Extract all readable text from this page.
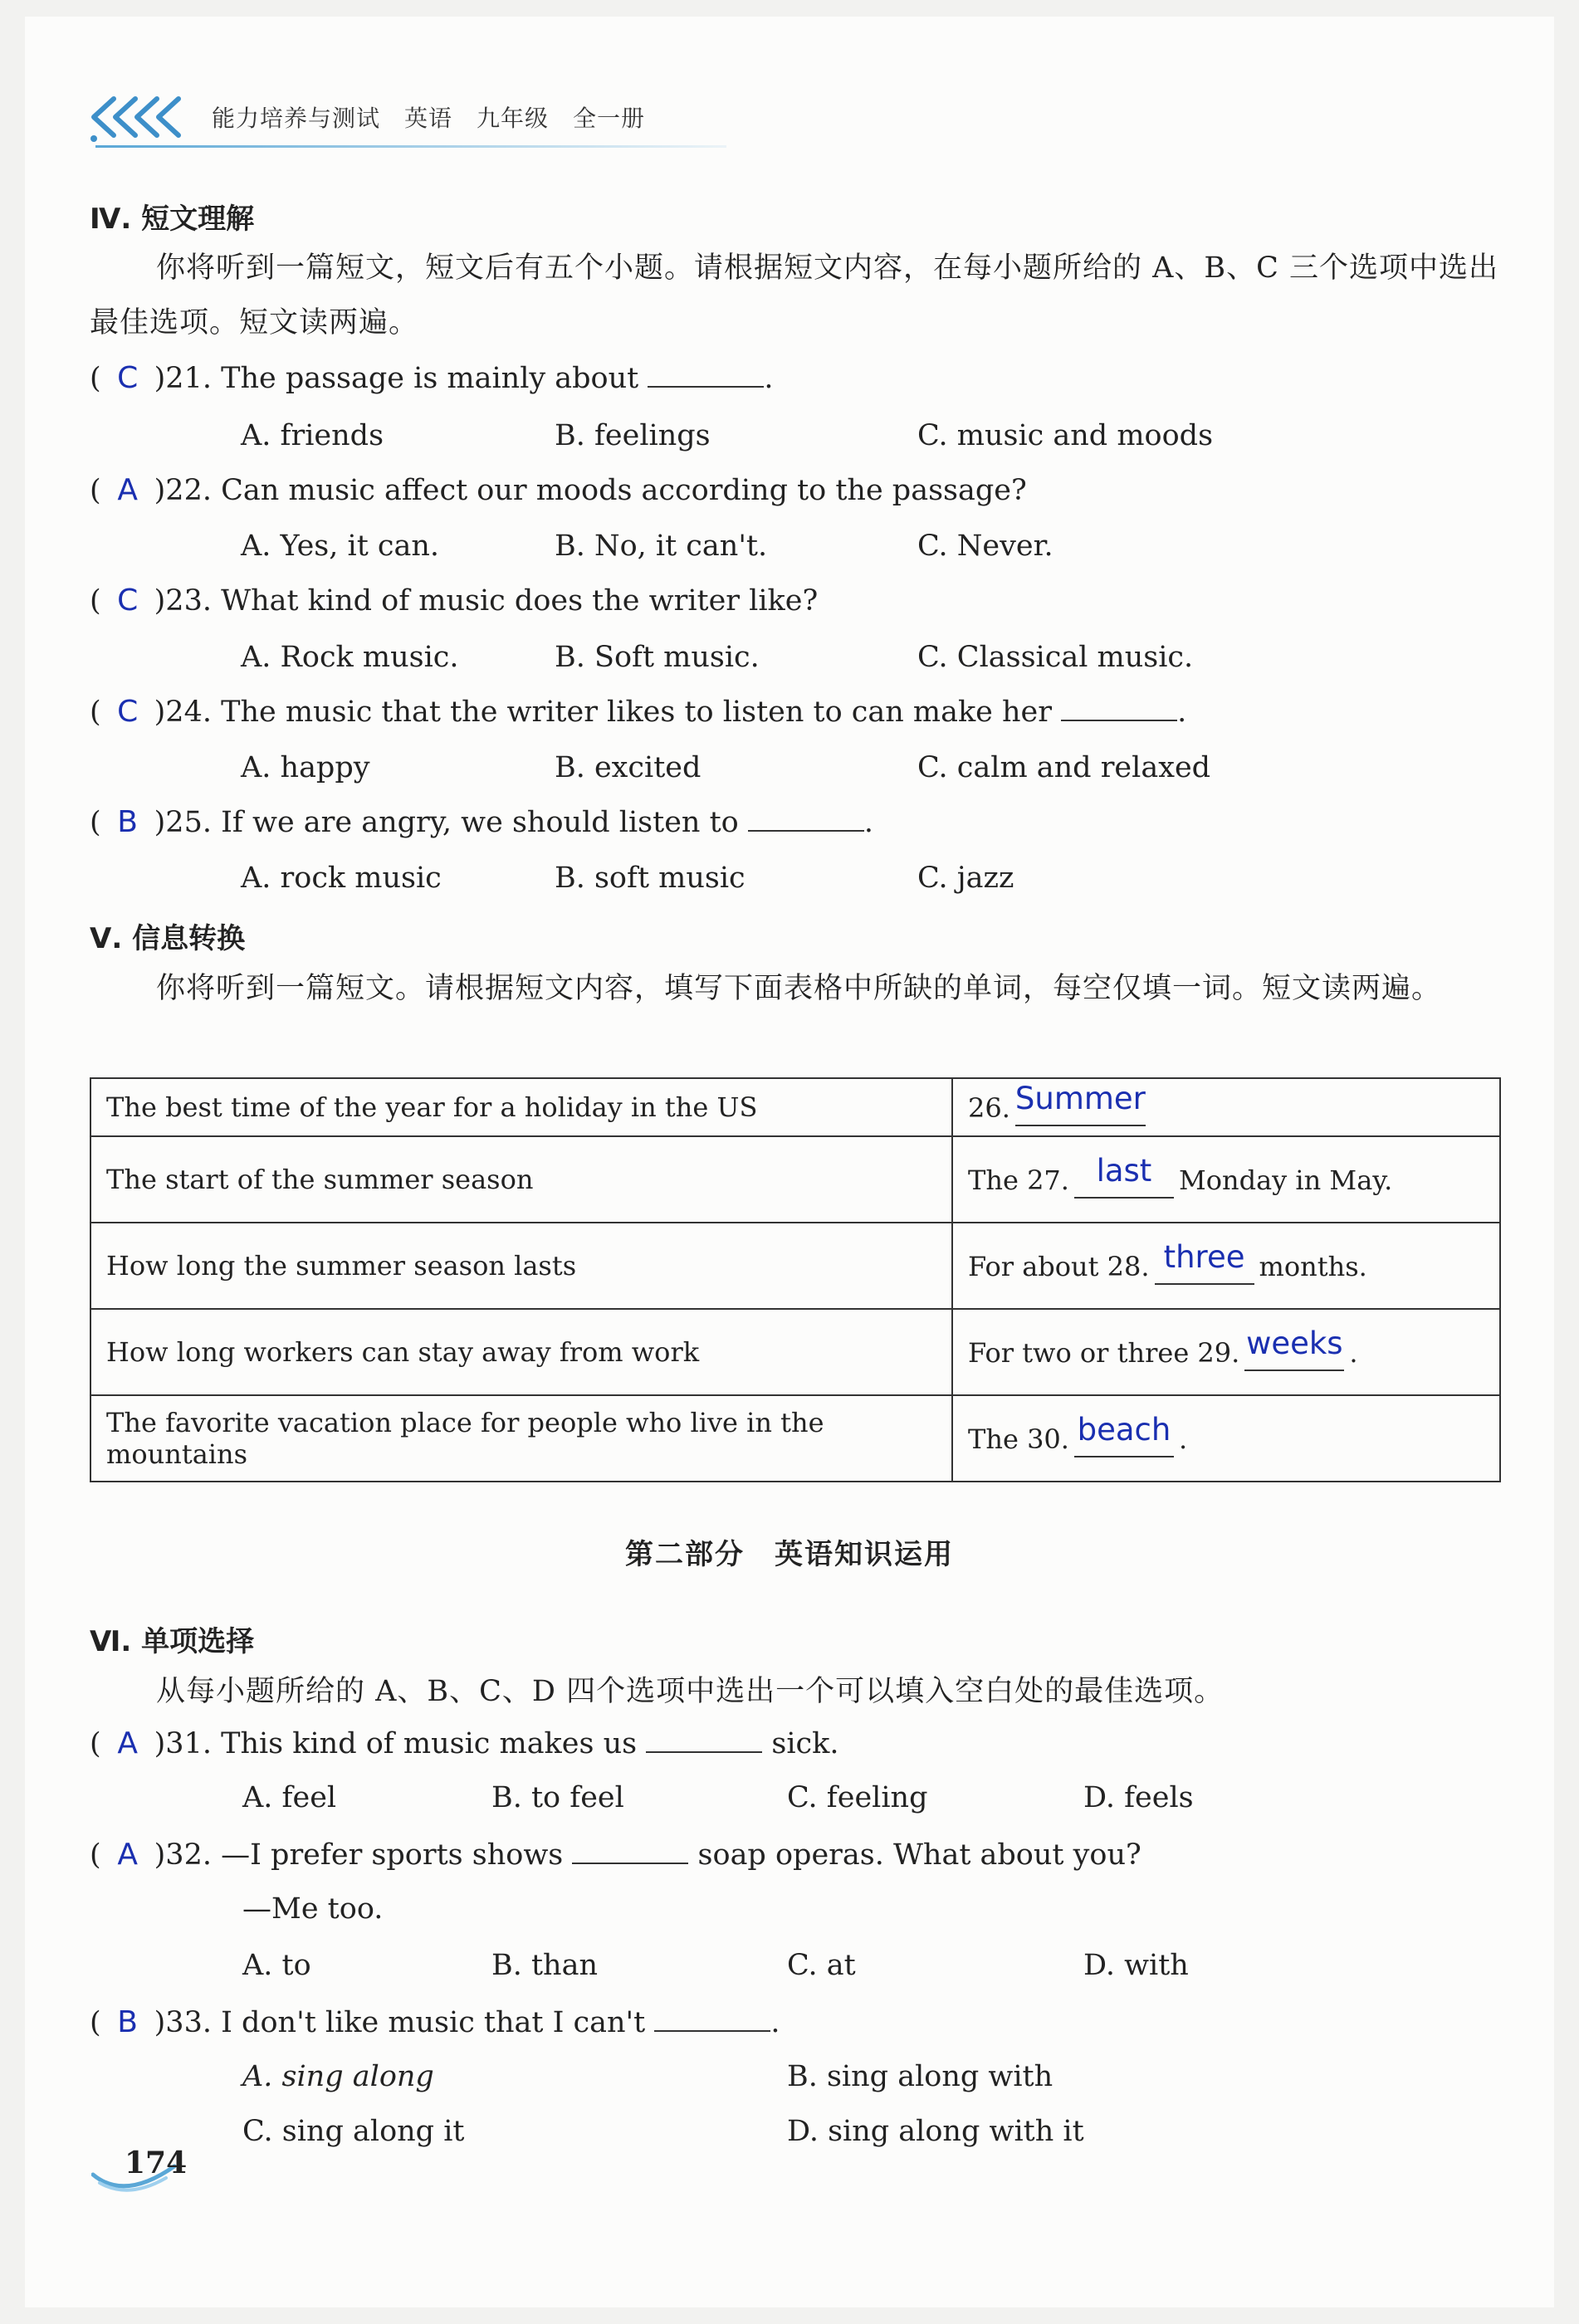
能力培养与测试　英语　九年级　全一册
Ⅳ. 短文理解
你将听到一篇短文，短文后有五个小题。请根据短文内容，在每小题所给的 A、B、C 三个选项中选出最佳选项。短文读两遍。
( C )21. The passage is mainly about	.
A. friends	B. feelings	C. music and moods
( A )22. Can music affect our moods according to the passage?
A. Yes, it can.	B. No, it can't.	C. Never.
( C )23. What kind of music does the writer like?
A. Rock music.	B. Soft music.	C. Classical music.
( C )24. The music that the writer likes to listen to can make her	.
A. happy	B. excited	C. calm and relaxed
( B )25. If we are angry, we should listen to	.
A. rock music	B. soft music	C. jazz
Ⅴ. 信息转换
你将听到一篇短文。请根据短文内容，填写下面表格中所缺的单词，每空仅填一词。短文读两遍。
The best time of the year for a holiday in the US	26. Summer
The start of the summer season	The 27. last Monday in May.
How long the summer season lasts	For about 28. three months.
How long workers can stay away from work	For two or three 29. weeks .
The favorite vacation place for people who live in the mountains	The 30. beach .
第二部分　英语知识运用
Ⅵ. 单项选择
从每小题所给的 A、B、C、D 四个选项中选出一个可以填入空白处的最佳选项。
( A )31. This kind of music makes us	sick.
A. feel	B. to feel	C. feeling	D. feels
( A )32. —I prefer sports shows	soap operas. What about you?
—Me too.
A. to	B. than	C. at	D. with
( B )33. I don't like music that I can't	.
A. sing along	B. sing along with
C. sing along it	D. sing along with it
174
